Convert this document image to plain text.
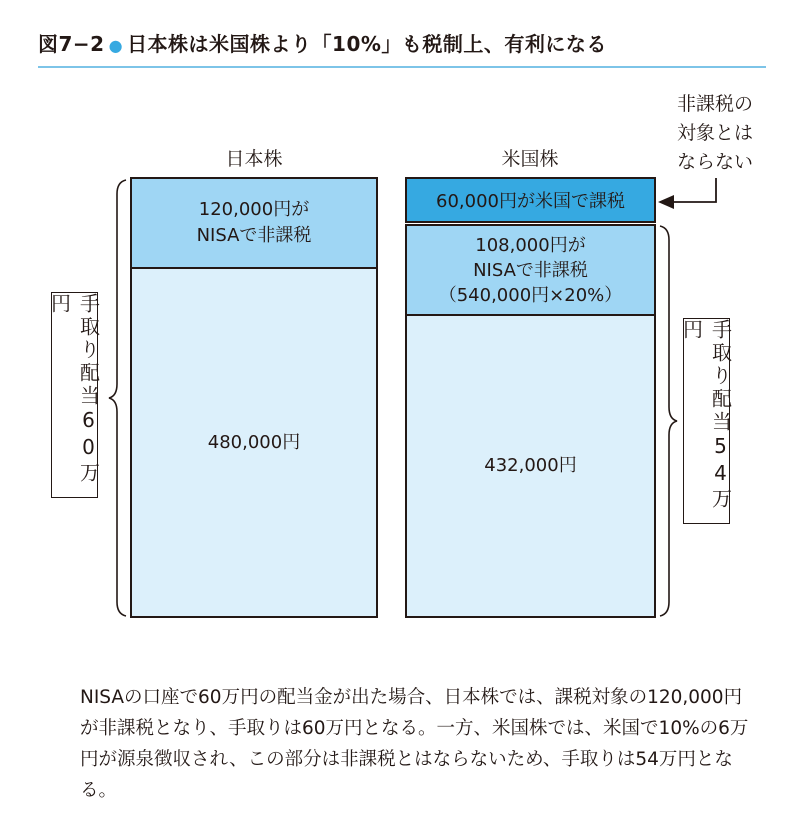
図7−2 ● 日本株は米国株より「10%」も税制上、有利になる
日本株	米国株
120,000円が
NISAで非課税
480,000円
60,000円が米国で課税
108,000円が
NISAで非課税
（540,000円×20%）
432,000円
手取り配当60万円
手取り配当54万円
非課税の
対象とは
ならない
NISAの口座で60万円の配当金が出た場合、日本株では、課税対象の120,000円が非課税となり、手取りは60万円となる。一方、米国株では、米国で10%の6万円が源泉徴収され、この部分は非課税とはならないため、手取りは54万円となる。
